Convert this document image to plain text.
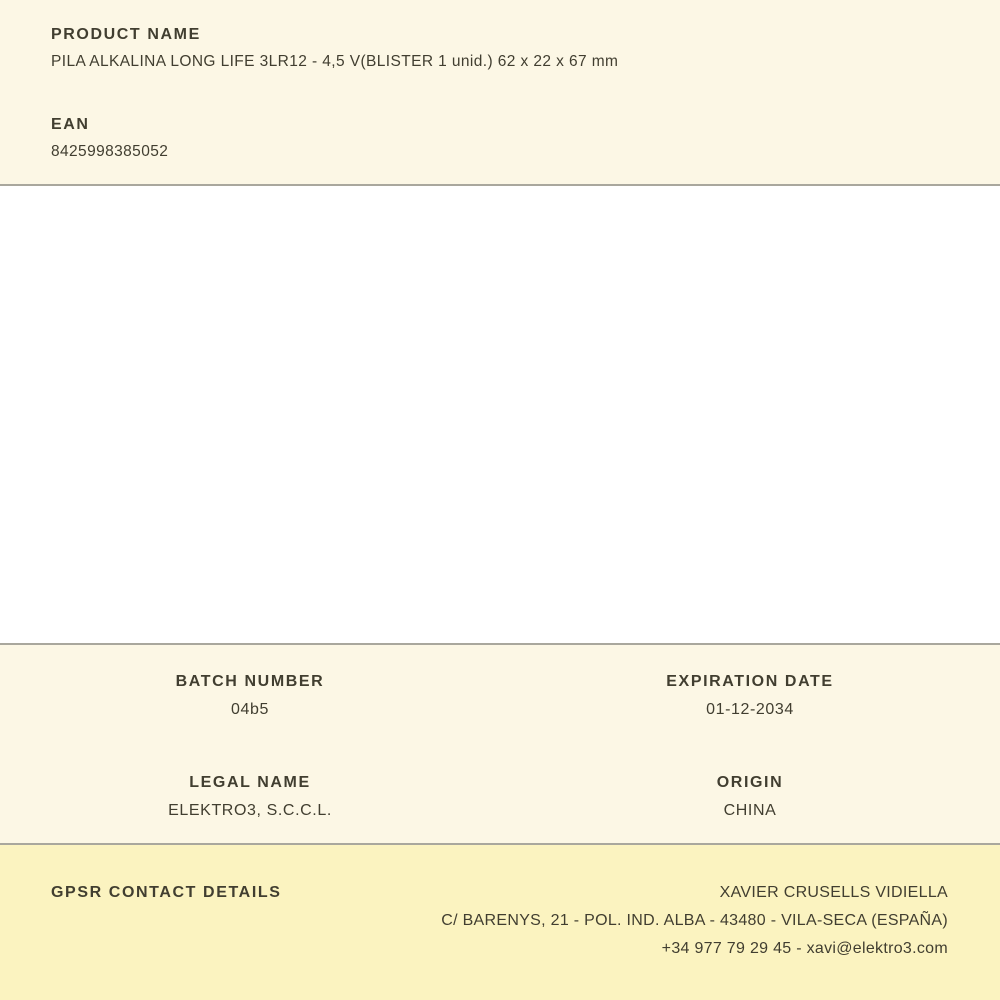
PRODUCT NAME
PILA ALKALINA LONG LIFE 3LR12 - 4,5 V(BLISTER 1 unid.) 62 x 22 x 67 mm
EAN
8425998385052
BATCH NUMBER
04b5
EXPIRATION DATE
01-12-2034
LEGAL NAME
ELEKTRO3, S.C.C.L.
ORIGIN
CHINA
GPSR CONTACT DETAILS	XAVIER CRUSELLS VIDIELLA
C/ BARENYS, 21 - POL. IND. ALBA - 43480 - VILA-SECA (ESPAÑA)
+34 977 79 29 45 - xavi@elektro3.com
